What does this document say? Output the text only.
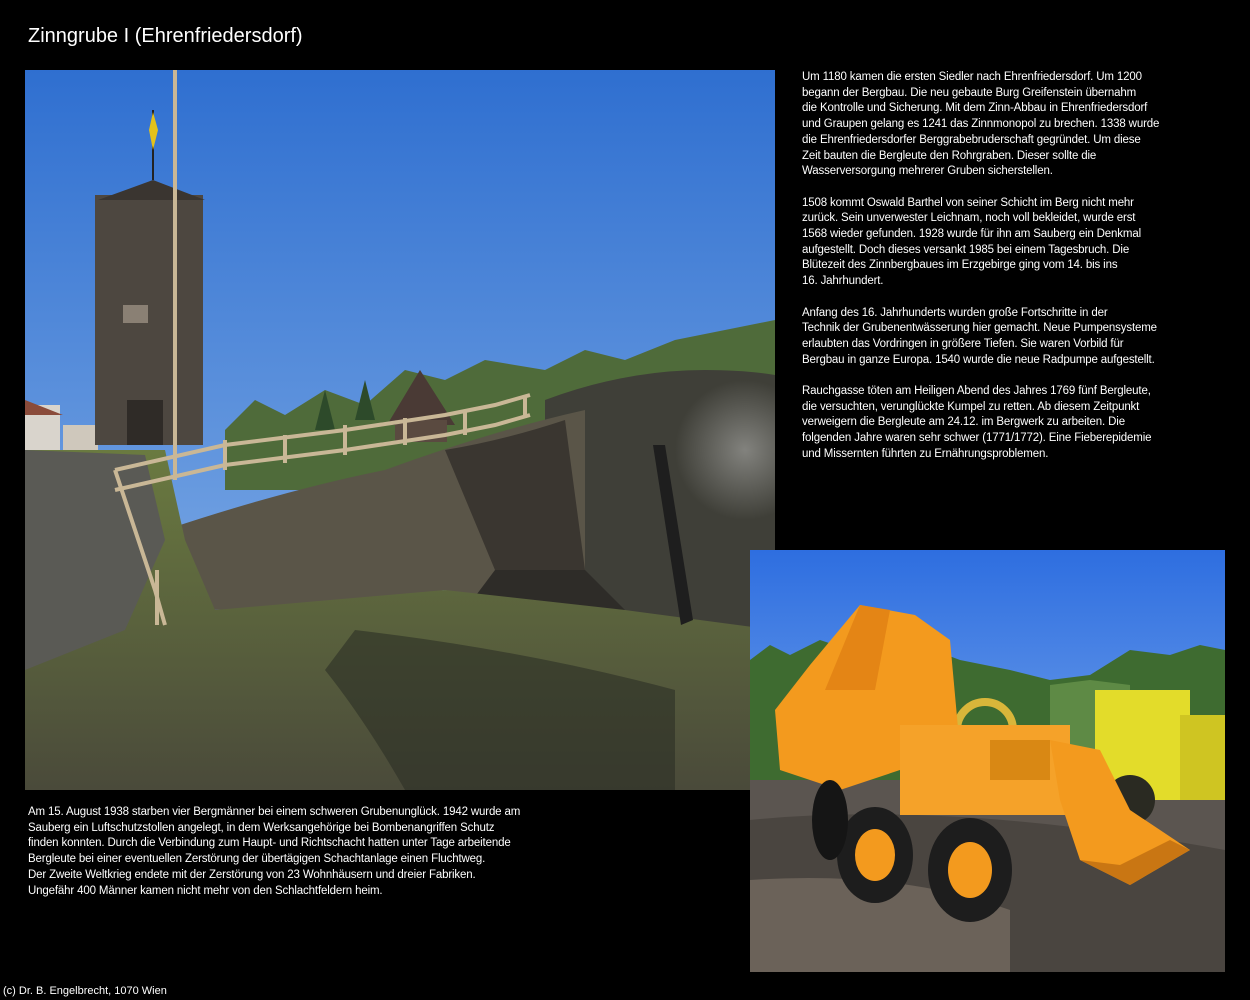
Zinngrube I (Ehrenfriedersdorf)

Um 1180 kamen die ersten Siedler nach Ehrenfriedersdorf. Um 1200
begann der Bergbau. Die neu gebaute Burg Greifenstein übernahm
die Kontrolle und Sicherung. Mit dem Zinn-Abbau in Ehrenfriedersdorf
und Graupen gelang es 1241 das Zinnmonopol zu brechen. 1338 wurde
die Ehrenfriedersdorfer Berggrabebruderschaft gegründet. Um diese
Zeit bauten die Bergleute den Rohrgraben. Dieser sollte die
Wasserversorgung mehrerer Gruben sicherstellen.

1508 kommt Oswald Barthel von seiner Schicht im Berg nicht mehr
zurück. Sein unverwester Leichnam, noch voll bekleidet, wurde erst
1568 wieder gefunden. 1928 wurde für ihn am Sauberg ein Denkmal
aufgestellt. Doch dieses versankt 1985 bei einem Tagesbruch. Die
Blütezeit des Zinnbergbaues im Erzgebirge ging vom 14. bis ins
16. Jahrhundert.

Anfang des 16. Jahrhunderts wurden große Fortschritte in der
Technik der Grubenentwässerung hier gemacht. Neue Pumpensysteme
erlaubten das Vordringen in größere Tiefen. Sie waren Vorbild für
Bergbau in ganze Europa. 1540 wurde die neue Radpumpe aufgestellt.

Rauchgasse töten am Heiligen Abend des Jahres 1769 fünf Bergleute,
die versuchten, verunglückte Kumpel zu retten. Ab diesem Zeitpunkt
verweigern die Bergleute am 24.12. im Bergwerk zu arbeiten. Die
folgenden Jahre waren sehr schwer (1771/1772). Eine Fieberepidemie
und Missernten führten zu Ernährungsproblemen.

Am 15. August 1938 starben vier Bergmänner bei einem schweren Grubenunglück. 1942 wurde am
Sauberg ein Luftschutzstollen angelegt, in dem Werksangehörige bei Bombenangriffen Schutz
finden konnten. Durch die Verbindung zum Haupt- und Richtschacht hatten unter Tage arbeitende
Bergleute bei einer eventuellen Zerstörung der übertägigen Schachtanlage einen Fluchtweg.
Der Zweite Weltkrieg endete mit der Zerstörung von 23 Wohnhäusern und dreier Fabriken.
Ungefähr 400 Männer kamen nicht mehr von den Schlachtfeldern heim.
(c) Dr. B. Engelbrecht, 1070 Wien
